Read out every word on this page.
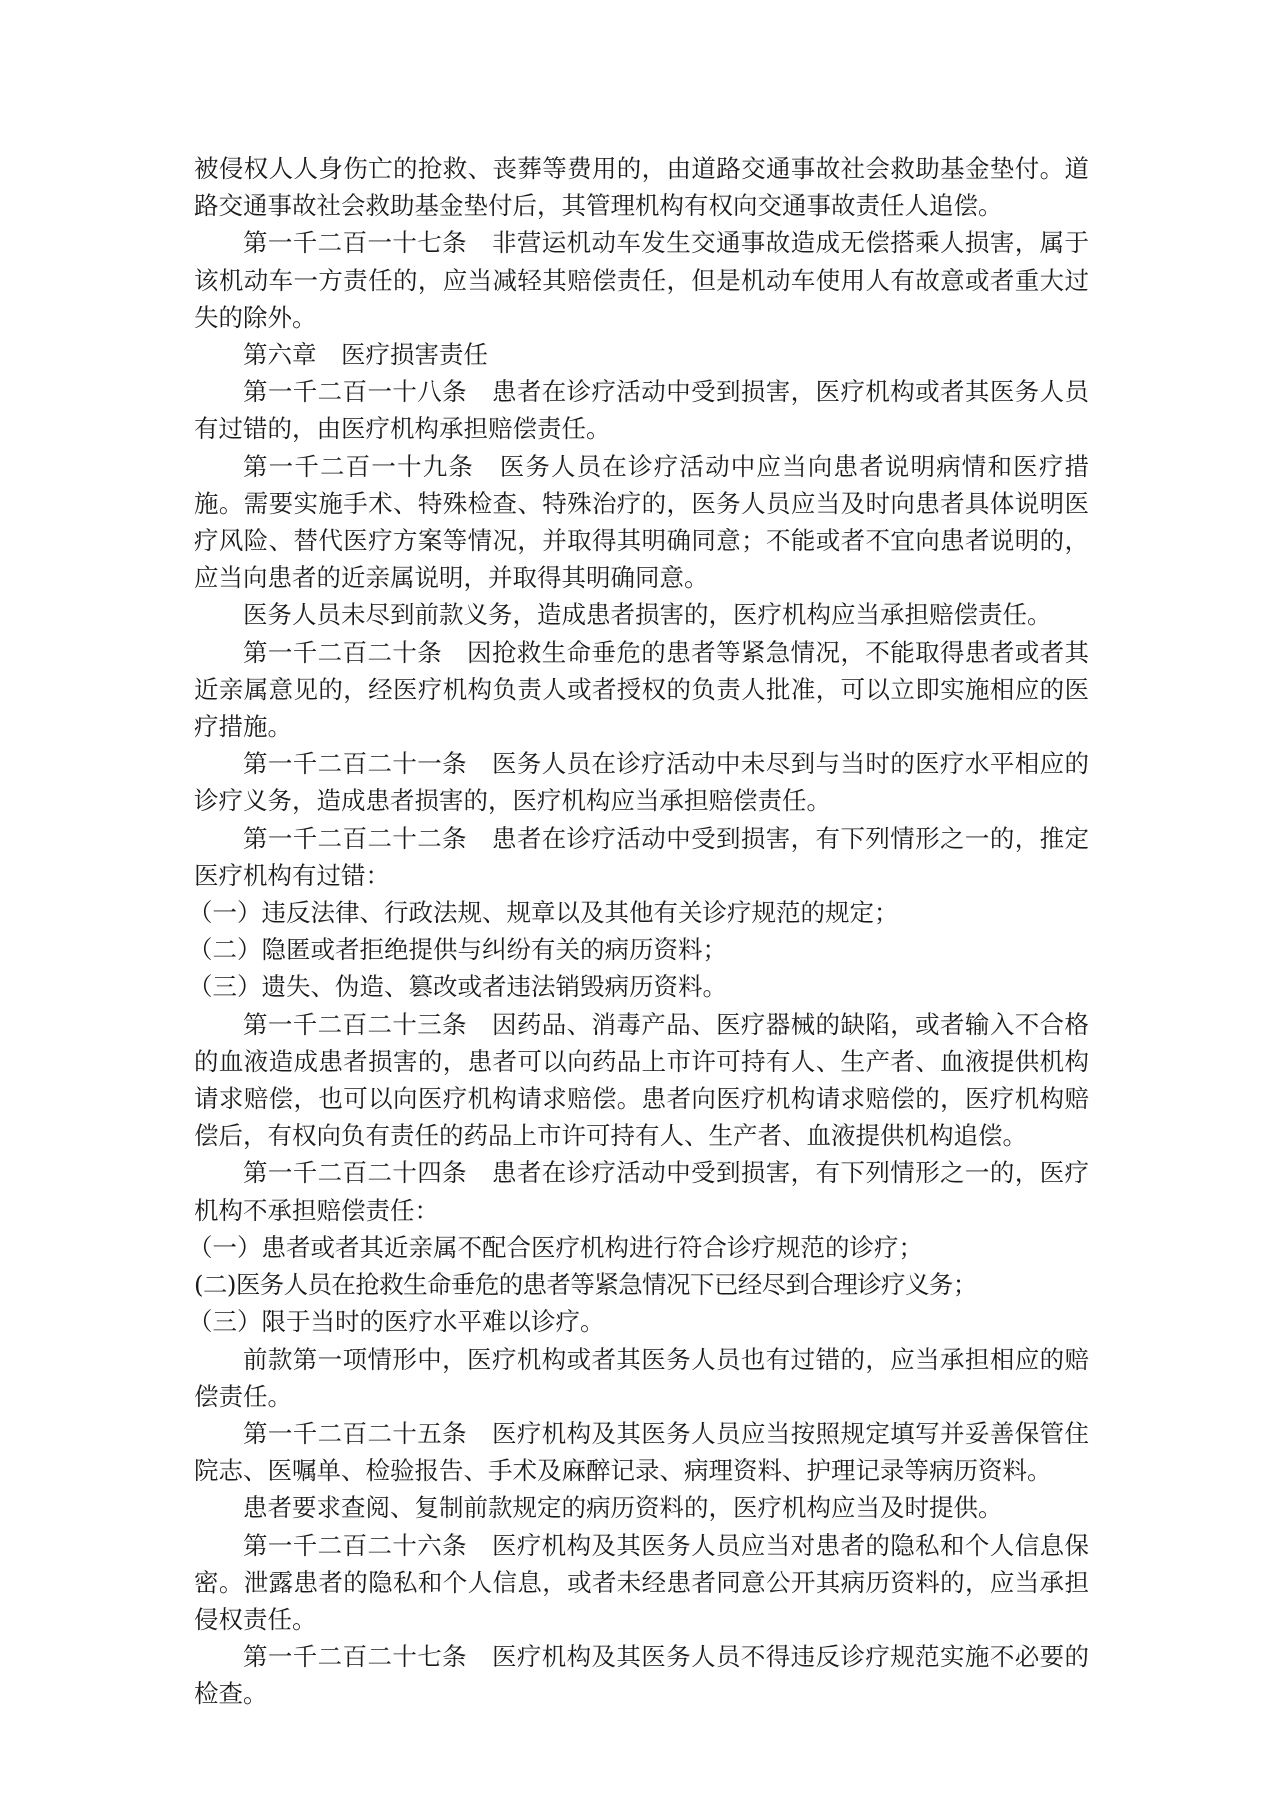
被侵权人人身伤亡的抢救、丧葬等费用的，由道路交通事故社会救助基金垫付。道路交通事故社会救助基金垫付后，其管理机构有权向交通事故责任人追偿。

第一千二百一十七条　非营运机动车发生交通事故造成无偿搭乘人损害，属于该机动车一方责任的，应当减轻其赔偿责任，但是机动车使用人有故意或者重大过失的除外。

第六章　医疗损害责任

第一千二百一十八条　患者在诊疗活动中受到损害，医疗机构或者其医务人员有过错的，由医疗机构承担赔偿责任。

第一千二百一十九条　医务人员在诊疗活动中应当向患者说明病情和医疗措施。需要实施手术、特殊检查、特殊治疗的，医务人员应当及时向患者具体说明医疗风险、替代医疗方案等情况，并取得其明确同意；不能或者不宜向患者说明的，应当向患者的近亲属说明，并取得其明确同意。

医务人员未尽到前款义务，造成患者损害的，医疗机构应当承担赔偿责任。

第一千二百二十条　因抢救生命垂危的患者等紧急情况，不能取得患者或者其近亲属意见的，经医疗机构负责人或者授权的负责人批准，可以立即实施相应的医疗措施。

第一千二百二十一条　医务人员在诊疗活动中未尽到与当时的医疗水平相应的诊疗义务，造成患者损害的，医疗机构应当承担赔偿责任。

第一千二百二十二条　患者在诊疗活动中受到损害，有下列情形之一的，推定医疗机构有过错：

（一）违反法律、行政法规、规章以及其他有关诊疗规范的规定；

（二）隐匿或者拒绝提供与纠纷有关的病历资料；

（三）遗失、伪造、篡改或者违法销毁病历资料。

第一千二百二十三条　因药品、消毒产品、医疗器械的缺陷，或者输入不合格的血液造成患者损害的，患者可以向药品上市许可持有人、生产者、血液提供机构请求赔偿，也可以向医疗机构请求赔偿。患者向医疗机构请求赔偿的，医疗机构赔偿后，有权向负有责任的药品上市许可持有人、生产者、血液提供机构追偿。

第一千二百二十四条　患者在诊疗活动中受到损害，有下列情形之一的，医疗机构不承担赔偿责任：

（一）患者或者其近亲属不配合医疗机构进行符合诊疗规范的诊疗；

(二)医务人员在抢救生命垂危的患者等紧急情况下已经尽到合理诊疗义务；

（三）限于当时的医疗水平难以诊疗。

前款第一项情形中，医疗机构或者其医务人员也有过错的，应当承担相应的赔偿责任。

第一千二百二十五条　医疗机构及其医务人员应当按照规定填写并妥善保管住院志、医嘱单、检验报告、手术及麻醉记录、病理资料、护理记录等病历资料。

患者要求查阅、复制前款规定的病历资料的，医疗机构应当及时提供。

第一千二百二十六条　医疗机构及其医务人员应当对患者的隐私和个人信息保密。泄露患者的隐私和个人信息，或者未经患者同意公开其病历资料的，应当承担侵权责任。

第一千二百二十七条　医疗机构及其医务人员不得违反诊疗规范实施不必要的检查。
